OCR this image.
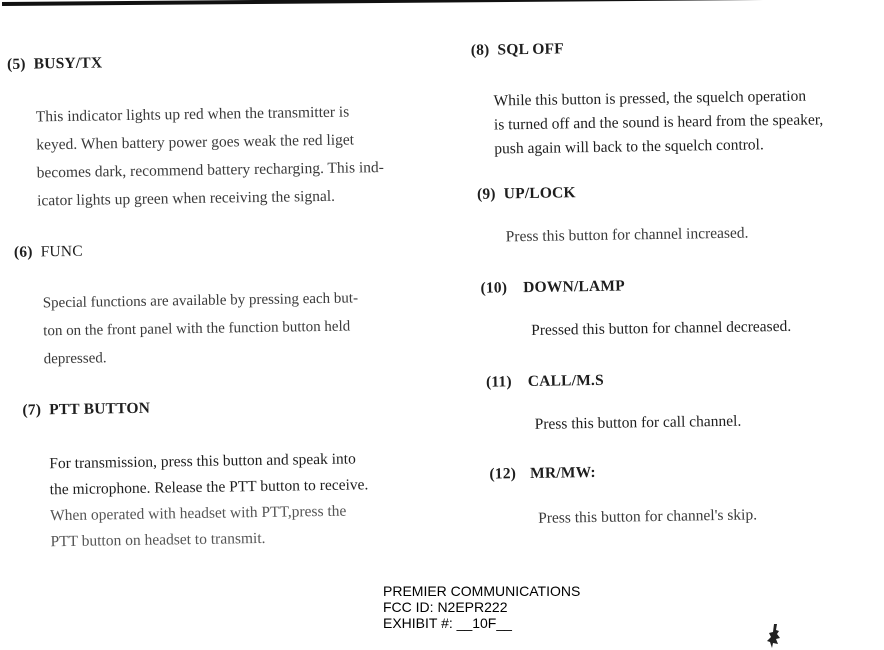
(5) BUSY/TX
This indicator lights up red when the transmitter is
keyed. When battery power goes weak the red liget
becomes dark, recommend battery recharging. This ind-
icator lights up green when receiving the signal.
(6) FUNC
Special functions are available by pressing each but-
ton on the front panel with the function button held
depressed.
(7) PTT BUTTON
For transmission, press this button and speak into
the microphone. Release the PTT button to receive.
When operated with headset with PTT,press the
PTT button on headset to transmit.
(8) SQL OFF
While this button is pressed, the squelch operation
is turned off and the sound is heard from the speaker,
push again will back to the squelch control.
(9) UP/LOCK
Press this button for channel increased.
(10) DOWN/LAMP
Pressed this button for channel decreased.
(11) CALL/M.S
Press this button for call channel.
(12) MR/MW:
Press this button for channel's skip.
PREMIER COMMUNICATIONS
FCC ID: N2EPR222
EXHIBIT #: __10F__
